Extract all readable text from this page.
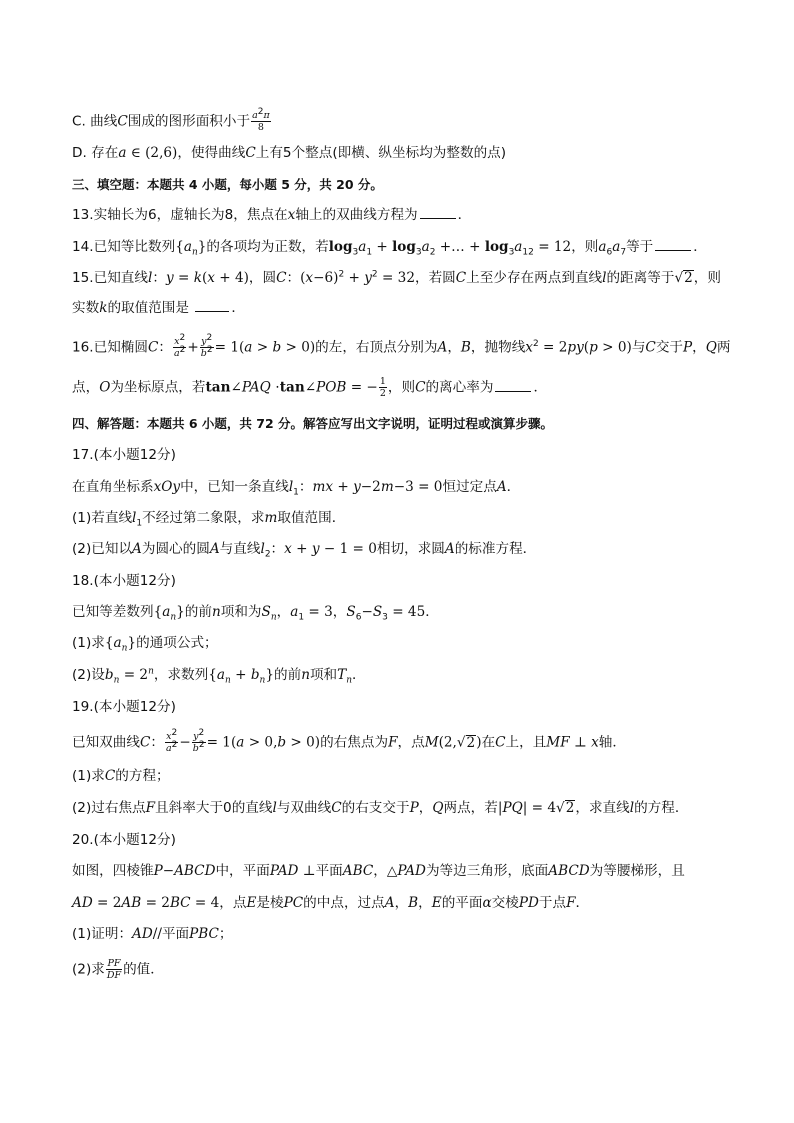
C. 曲线C围成的图形面积小于 $\frac{a^2\pi}{8}$
D. 存在a ∈ (2,6)，使得曲线C上有5个整点(即横、纵坐标均为整数的点)
三、填空题：本题共 4 小题，每小题 5 分，共 20 分。
13.实轴长为6，虚轴长为8，焦点在x轴上的双曲线方程为	．
14.已知等比数列$\{a_n\}$的各项均为正数，若$\log_3a_1 + \log_3a_2$ +… + $\log_3a_{12} = 12$，则$a_6a_7$等于	．
15.已知直线l：y = k(x + 4)，圆C：$(x-6)^2 + y^2 = 32$，若圆C上至少存在两点到直线l的距离等于√2，则
实数k的取值范围是	．
16.已知椭圆C： $\frac{x^2}{a^2} + \frac{y^2}{b^2} = 1(a > b > 0)$的左，右顶点分别为A，B，抛物线$x^2 = 2py(p > 0)$与C交于P，Q两
点，O为坐标原点，若tan∠PAQ ⋅tan∠POB = − $\frac{1}{2}$ ，则C的离心率为	．
四、解答题：本题共 6 小题，共 72 分。解答应写出文字说明，证明过程或演算步骤。
17.(本小题12分)
在直角坐标系xOy中，已知一条直线$l_1$：mx + y−2m−3 = 0恒过定点A．
(1)若直线$l_1$不经过第二象限，求m取值范围．
(2)已知以A为圆心的圆A与直线$l_2$：x + y − 1 = 0相切，求圆A的标准方程．
18.(本小题12分)
已知等差数列$\{a_n\}$的前n项和为$S_n$，$a_1 = 3$，$S_6-S_3 = 45$．
(1)求$\{a_n\}$的通项公式；
(2)设$b_n = 2^n$，求数列$\{a_n + b_n\}$的前n项和$T_n$．
19.(本小题12分)
已知双曲线C： $\frac{x^2}{a^2} - \frac{y^2}{b^2} = 1(a > 0,b > 0)$的右焦点为F，点M(2,√2)在C上，且MF ⊥ x轴．
(1)求C的方程；
(2)过右焦点F且斜率大于0的直线l与双曲线C的右支交于P，Q两点，若|PQ| = 4√2，求直线l的方程．
20.(本小题12分)
如图，四棱锥P−ABCD中，平面PAD ⊥平面ABC，△PAD为等边三角形，底面ABCD为等腰梯形，且
AD = 2AB = 2BC = 4，点E是棱PC的中点，过点A，B，E的平面α交棱PD于点F．
(1)证明：AD//平面PBC；
(2)求 $\frac{PF}{DF}$ 的值．
